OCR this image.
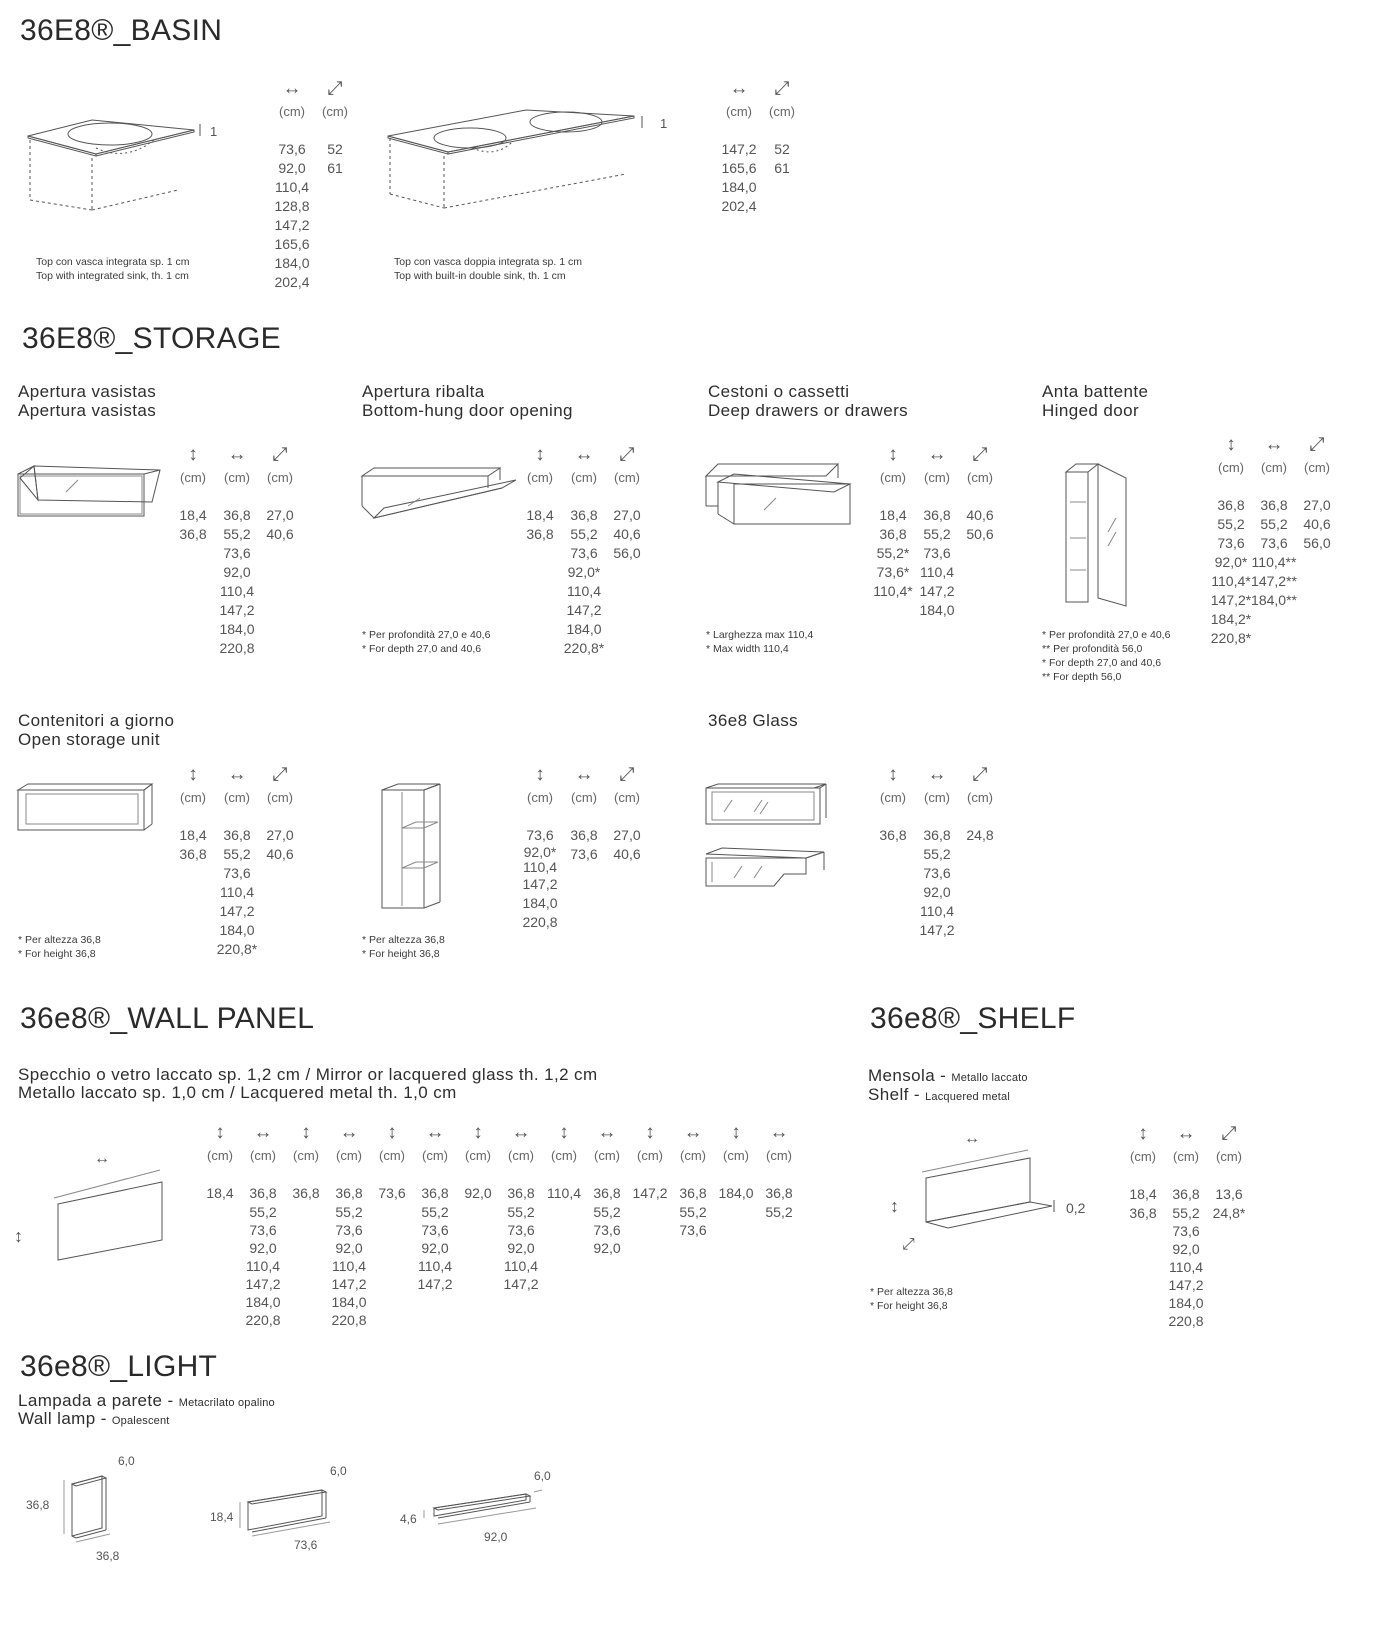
36E8®_BASIN
1
Top con vasca integrata sp. 1 cm
Top with integrated sink, th. 1 cm
1
Top con vasca doppia integrata sp. 1 cm
Top with built-in double sink, th. 1 cm
↔
(cm)
73,6
92,0
110,4
128,8
147,2
165,6
184,0
202,4
⤢
(cm)
52
61
↔
(cm)
147,2
165,6
184,0
202,4
⤢
(cm)
52
61
36E8®_STORAGE
Apertura vasistas
Apertura vasistas
Apertura ribalta
Bottom-hung door opening
* Per profondità 27,0 e 40,6
* For depth 27,0 and 40,6
Cestoni o cassetti
Deep drawers or drawers
* Larghezza max 110,4
* Max width 110,4
Anta battente
Hinged door
* Per profondità 27,0 e 40,6
** Per profondità 56,0
* For depth 27,0 and 40,6
** For depth 56,0
Contenitori a giorno
Open storage unit
* Per altezza 36,8
* For height 36,8
* Per altezza 36,8
* For height 36,8
36e8 Glass
↕
(cm)
18,4
36,8
↔
(cm)
36,8
55,2
73,6
92,0
110,4
147,2
184,0
220,8
⤢
(cm)
27,0
40,6
↕
(cm)
18,4
36,8
↔
(cm)
36,8
55,2
73,6
92,0*
110,4
147,2
184,0
220,8*
⤢
(cm)
27,0
40,6
56,0
↕
(cm)
18,4
36,8
55,2*
73,6*
110,4*
↔
(cm)
36,8
55,2
73,6
110,4
147,2
184,0
⤢
(cm)
40,6
50,6
↕
(cm)
36,8
55,2
73,6
92,0*
110,4*
147,2*
184,2*
220,8*
↔
(cm)
36,8
55,2
73,6
110,4**
147,2**
184,0**
⤢
(cm)
27,0
40,6
56,0
↕
(cm)
18,4
36,8
↔
(cm)
36,8
55,2
73,6
110,4
147,2
184,0
220,8*
⤢
(cm)
27,0
40,6
↕
(cm)
73,6
92,0*
110,4
147,2
184,0
220,8
↔
(cm)
36,8
73,6
⤢
(cm)
27,0
40,6
↕
(cm)
36,8
↔
(cm)
36,8
55,2
73,6
92,0
110,4
147,2
⤢
(cm)
24,8
36e8®_WALL PANEL
Specchio o vetro laccato sp. 1,2 cm / Mirror or lacquered glass th. 1,2 cm
Metallo laccato sp. 1,0 cm / Lacquered metal th. 1,0 cm
↔
↕
↕
(cm)
18,4
↔
(cm)
36,8
55,2
73,6
92,0
110,4
147,2
184,0
220,8
↕
(cm)
36,8
↔
(cm)
36,8
55,2
73,6
92,0
110,4
147,2
184,0
220,8
↕
(cm)
73,6
↔
(cm)
36,8
55,2
73,6
92,0
110,4
147,2
↕
(cm)
92,0
↔
(cm)
36,8
55,2
73,6
92,0
110,4
147,2
↕
(cm)
110,4
↔
(cm)
36,8
55,2
73,6
92,0
↕
(cm)
147,2
↔
(cm)
36,8
55,2
73,6
↕
(cm)
184,0
↔
(cm)
36,8
55,2
36e8®_SHELF
Mensola - Metallo laccato
Shelf - Lacquered metal
↔
↕
⤢
0,2
* Per altezza 36,8
* For height 36,8
↕
(cm)
18,4
36,8
↔
(cm)
36,8
55,2
73,6
92,0
110,4
147,2
184,0
220,8
⤢
(cm)
13,6
24,8*
36e8®_LIGHT
Lampada a parete - Metacrilato opalino
Wall lamp - Opalescent
6,0
36,8
36,8
6,0
18,4
73,6
6,0
4,6
92,0
